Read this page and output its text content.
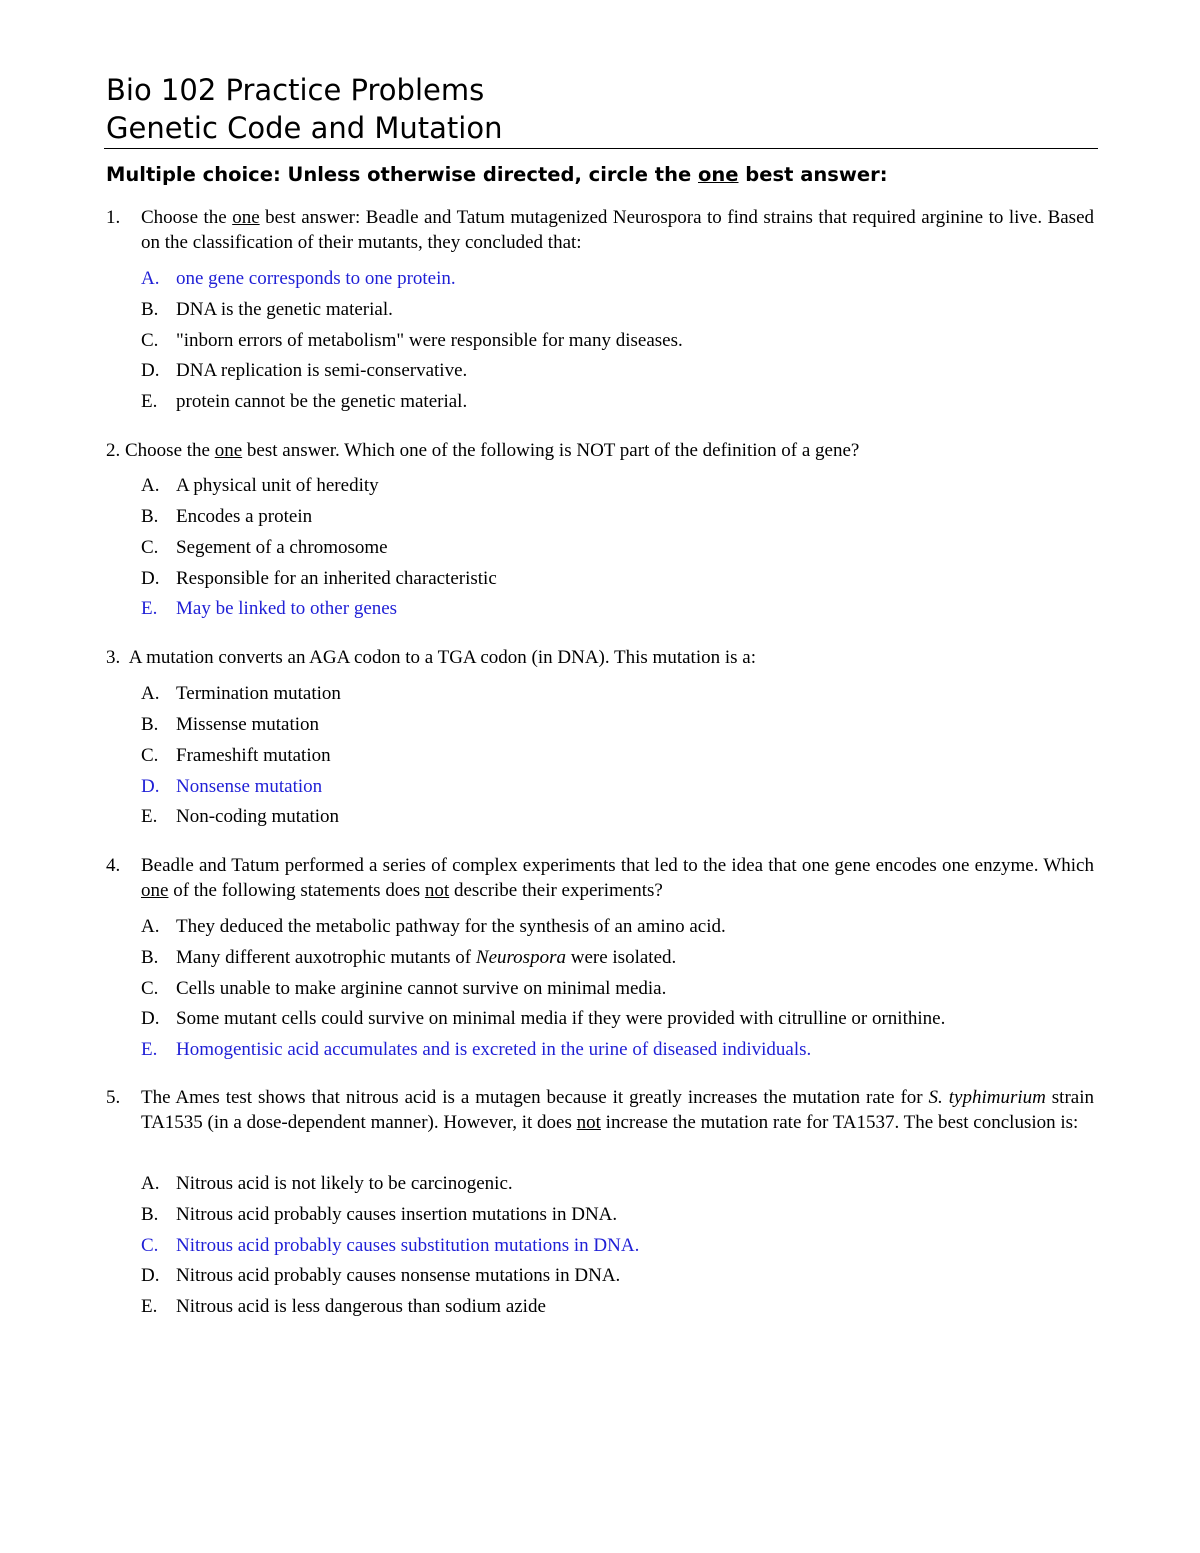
Bio 102 Practice Problems
Genetic Code and Mutation
Multiple choice: Unless otherwise directed, circle the one best answer:
1. Choose the one best answer: Beadle and Tatum mutagenized Neurospora to find strains that required arginine to live. Based on the classification of their mutants, they concluded that:
A. one gene corresponds to one protein.
B. DNA is the genetic material.
C. "inborn errors of metabolism" were responsible for many diseases.
D. DNA replication is semi-conservative.
E. protein cannot be the genetic material.
2. Choose the one best answer. Which one of the following is NOT part of the definition of a gene?
A. A physical unit of heredity
B. Encodes a protein
C. Segement of a chromosome
D. Responsible for an inherited characteristic
E. May be linked to other genes
3. A mutation converts an AGA codon to a TGA codon (in DNA). This mutation is a:
A. Termination mutation
B. Missense mutation
C. Frameshift mutation
D. Nonsense mutation
E. Non-coding mutation
4. Beadle and Tatum performed a series of complex experiments that led to the idea that one gene encodes one enzyme. Which one of the following statements does not describe their experiments?
A. They deduced the metabolic pathway for the synthesis of an amino acid.
B. Many different auxotrophic mutants of Neurospora were isolated.
C. Cells unable to make arginine cannot survive on minimal media.
D. Some mutant cells could survive on minimal media if they were provided with citrulline or ornithine.
E. Homogentisic acid accumulates and is excreted in the urine of diseased individuals.
5. The Ames test shows that nitrous acid is a mutagen because it greatly increases the mutation rate for S. typhimurium strain TA1535 (in a dose-dependent manner). However, it does not increase the mutation rate for TA1537. The best conclusion is:
A. Nitrous acid is not likely to be carcinogenic.
B. Nitrous acid probably causes insertion mutations in DNA.
C. Nitrous acid probably causes substitution mutations in DNA.
D. Nitrous acid probably causes nonsense mutations in DNA.
E. Nitrous acid is less dangerous than sodium azide
